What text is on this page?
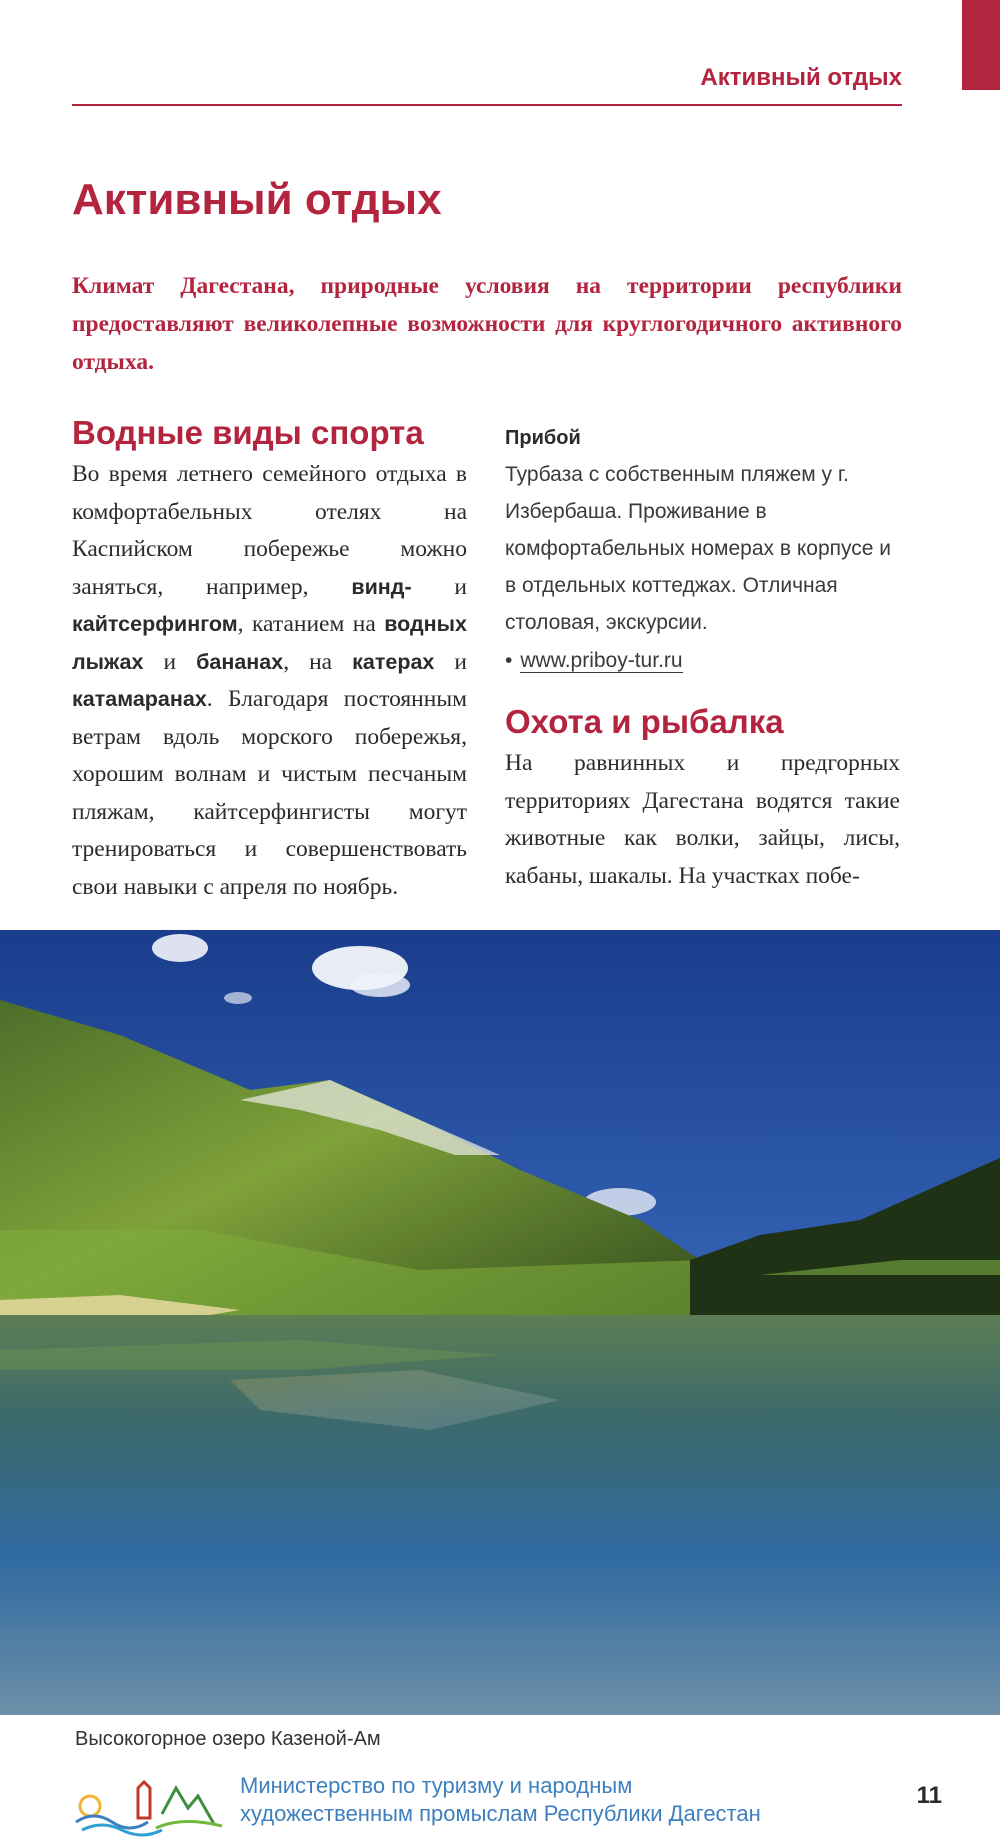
Активный отдых
Активный отдых

Климат Дагестана, природные условия на территории республики предоставляют великолепные возможности для круглогодичного активного отдыха.

Водные виды спорта

Во время летнего семейного отдыха в комфортабельных отелях на Каспийском побережье можно заняться, например, винд- и кайтсерфингом, катанием на водных лыжах и бананах, на катерах и катамаранах. Благодаря постоянным ветрам вдоль морского побережья, хорошим волнам и чистым песчаным пляжам, кайтсерфингисты могут тренироваться и совершенствовать свои навыки с апреля по ноябрь.

Прибой

Турбаза с собственным пляжем у г. Избербаша. Проживание в комфортабельных номерах в корпусе и в отдельных коттеджах. Отличная столовая, экскурсии.

• www.priboy-tur.ru
Охота и рыбалка

На равнинных и предгорных территориях Дагестана водятся такие животные как волки, зайцы, лисы, кабаны, шакалы. На участках побе-

Высокогорное озеро Казеной-Ам
Министерство по туризму и народным
художественным промыслам Республики Дагестан
11
